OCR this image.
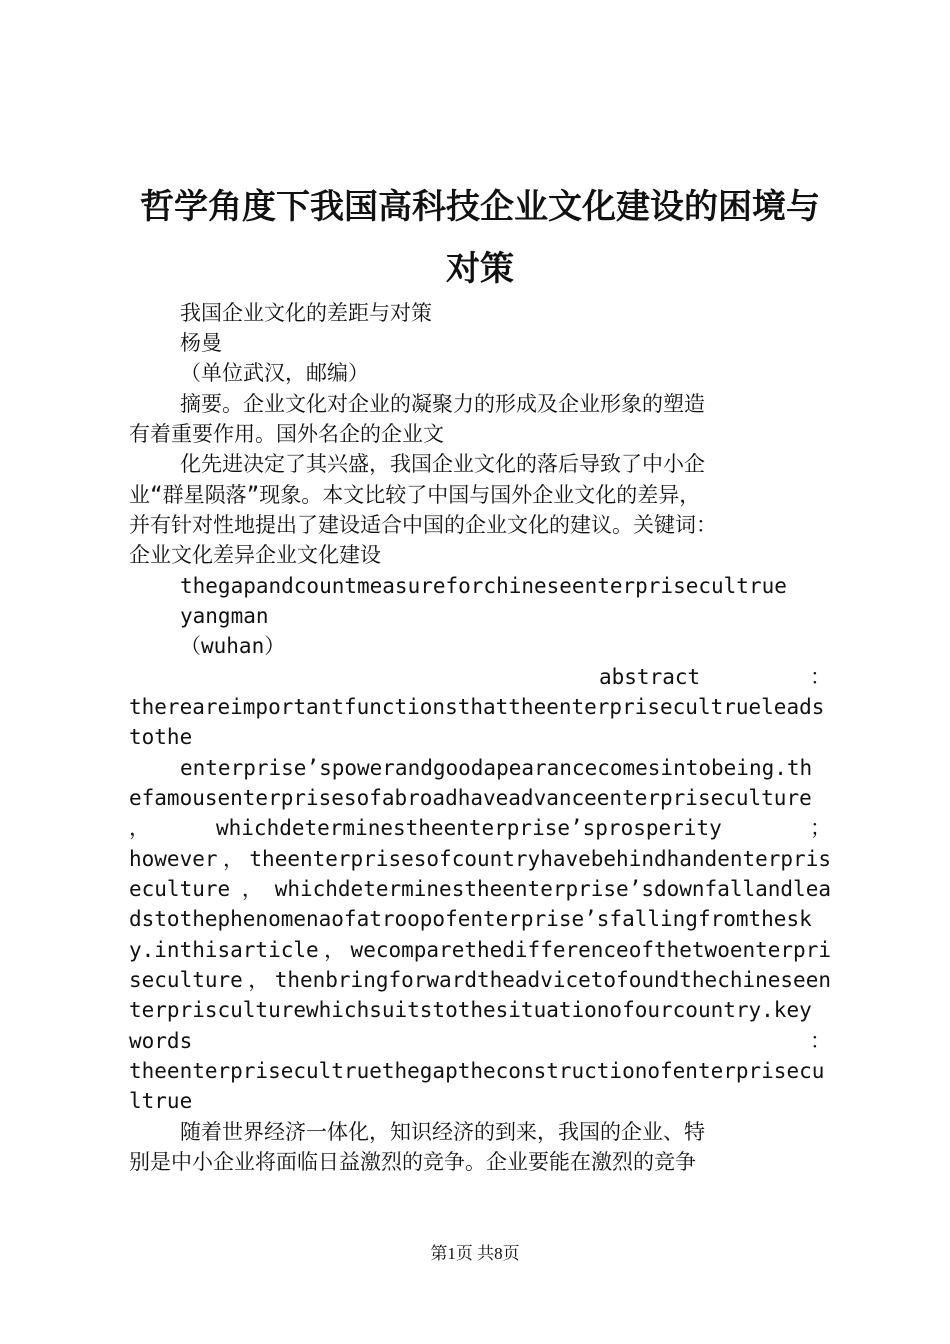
哲学角度下我国高科技企业文化建设的困境与
对策

我国企业文化的差距与对策

杨曼

（单位武汉，邮编）

摘要。企业文化对企业的凝聚力的形成及企业形象的塑造

有着重要作用。国外名企的企业文

化先进决定了其兴盛，我国企业文化的落后导致了中小企

业“群星陨落”现象。本文比较了中国与国外企业文化的差异，

并有针对性地提出了建设适合中国的企业文化的建议。关键词：

企业文化差异企业文化建设

thegapandcountmeasureforchineseenterprisecultrue

yangman

（wuhan）

abstract	：

thereareimportantfunctionsthattheenterprisecultrueleads

tothe

enterprise’spowerandgoodapearancecomesintobeing.th

efamousenterprisesofabroadhaveadvanceenterpriseculture

，	whichdeterminestheenterprise’sprosperity	；

however，theenterprisesofcountryhavebehindhandenterpris

eculture，whichdeterminestheenterprise’sdownfallandlea

dstothephenomenaofatroopofenterprise’sfallingfromthesk

y.inthisarticle，wecomparethedifferenceofthetwoenterpri

seculture，thenbringforwardtheadvicetofoundthechineseen

terprisculturewhichsuitstothesituationofourcountry.key

words	：

theenterprisecultruethegaptheconstructionofenterprisecu

ltrue

随着世界经济一体化，知识经济的到来，我国的企业、特

别是中小企业将面临日益激烈的竞争。企业要能在激烈的竞争

第1页 共8页
